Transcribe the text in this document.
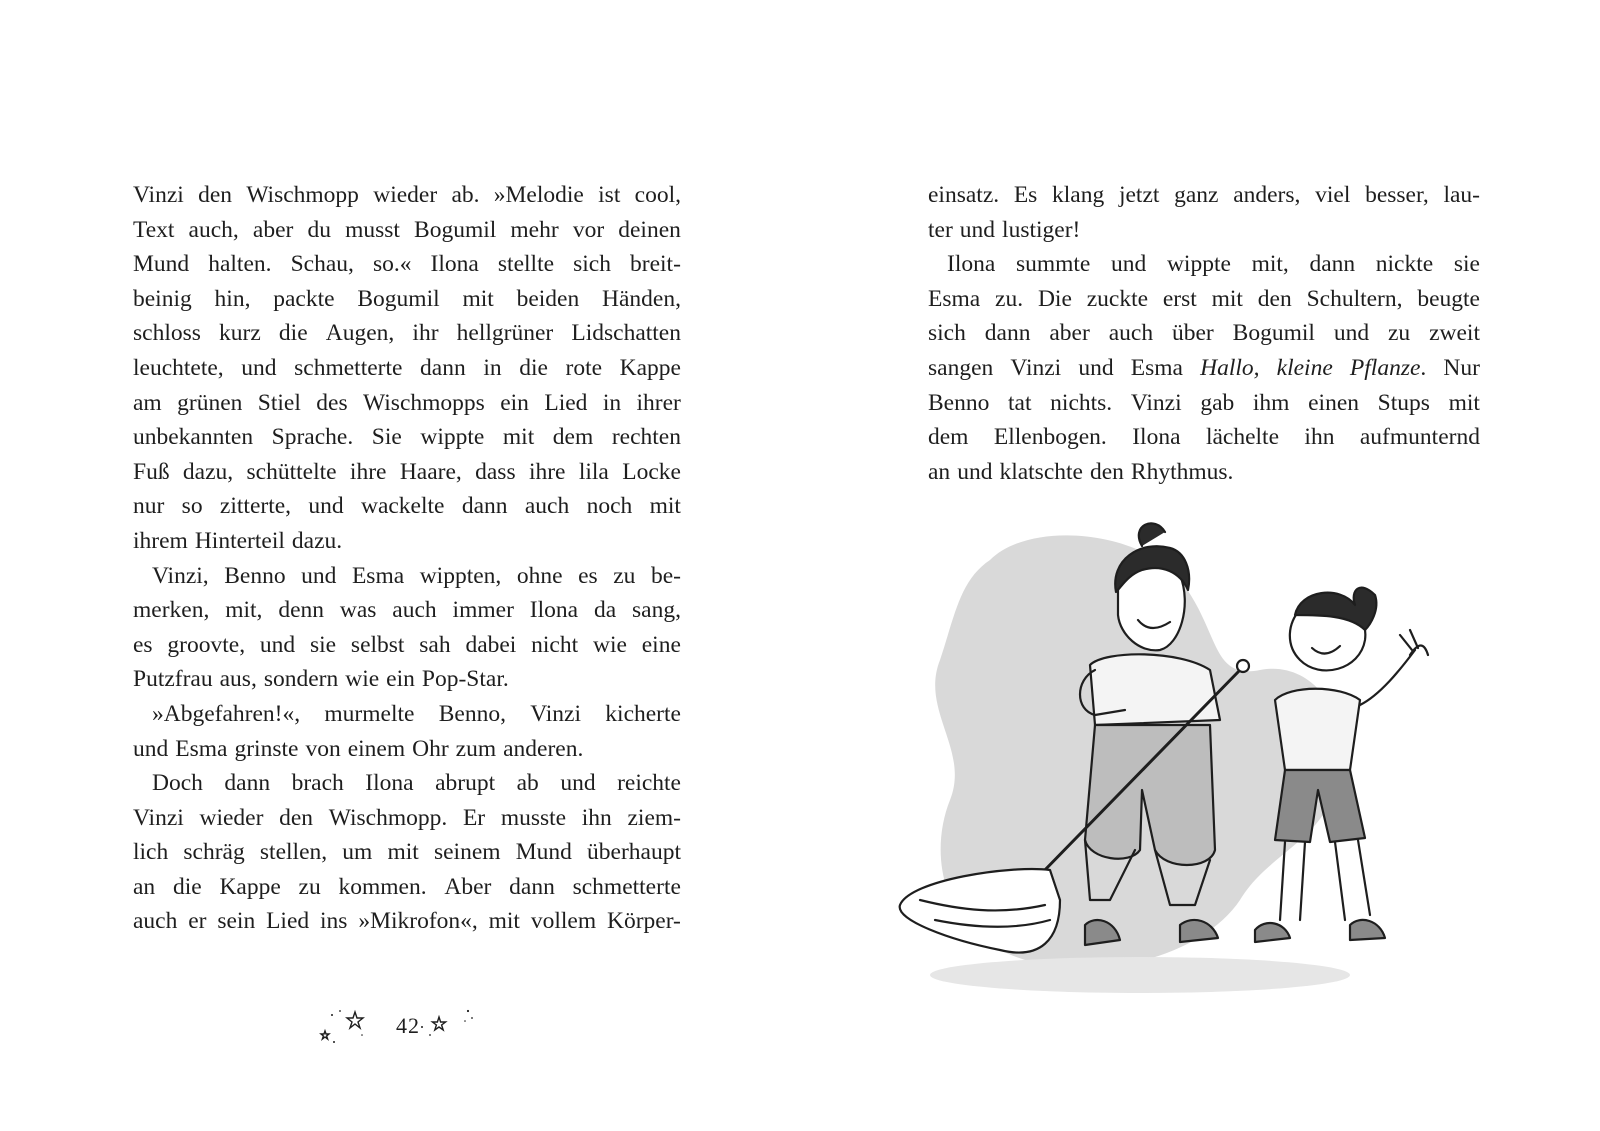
Vinzi den Wischmopp wieder ab. »Melodie ist cool,
Text auch, aber du musst Bogumil mehr vor deinen
Mund halten. Schau, so.« Ilona stellte sich breit-
beinig hin, packte Bogumil mit beiden Händen,
schloss kurz die Augen, ihr hellgrüner Lidschatten
leuchtete, und schmetterte dann in die rote Kappe
am grünen Stiel des Wischmopps ein Lied in ihrer
unbekannten Sprache. Sie wippte mit dem rechten
Fuß dazu, schüttelte ihre Haare, dass ihre lila Locke
nur so zitterte, und wackelte dann auch noch mit
ihrem Hinterteil dazu.
Vinzi, Benno und Esma wippten, ohne es zu be-
merken, mit, denn was auch immer Ilona da sang,
es groovte, und sie selbst sah dabei nicht wie eine
Putzfrau aus, sondern wie ein Pop-Star.
»Abgefahren!«, murmelte Benno, Vinzi kicherte
und Esma grinste von einem Ohr zum anderen.
Doch dann brach Ilona abrupt ab und reichte
Vinzi wieder den Wischmopp. Er musste ihn ziem-
lich schräg stellen, um mit seinem Mund überhaupt
an die Kappe zu kommen. Aber dann schmetterte
auch er sein Lied ins »Mikrofon«, mit vollem Körper-
42
einsatz. Es klang jetzt ganz anders, viel besser, lau-
ter und lustiger!
Ilona summte und wippte mit, dann nickte sie
Esma zu. Die zuckte erst mit den Schultern, beugte
sich dann aber auch über Bogumil und zu zweit
sangen Vinzi und Esma Hallo, kleine Pflanze. Nur
Benno tat nichts. Vinzi gab ihm einen Stups mit
dem Ellenbogen. Ilona lächelte ihn aufmunternd
an und klatschte den Rhythmus.
